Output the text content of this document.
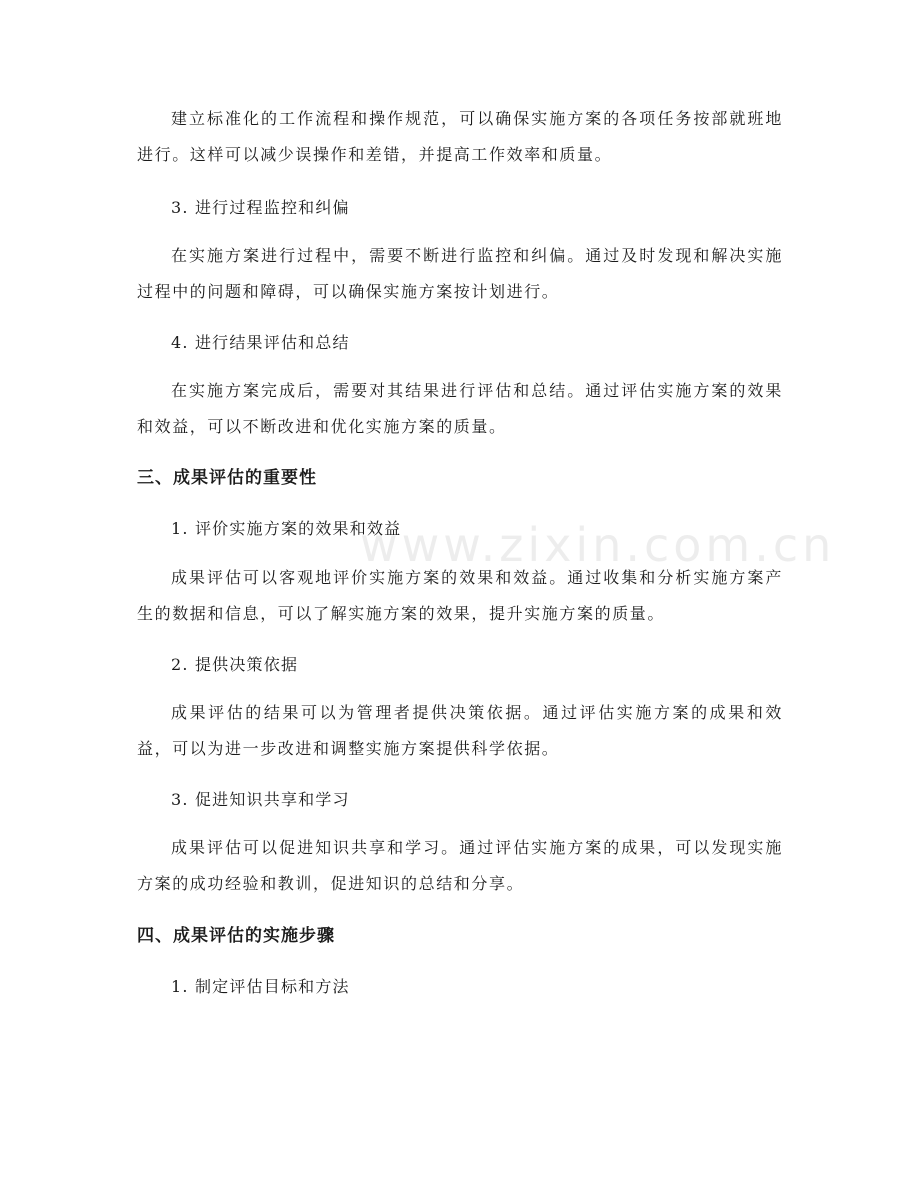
www.zixin.com.cn

建立标准化的工作流程和操作规范，可以确保实施方案的各项任务按部就班地进行。这样可以减少误操作和差错，并提高工作效率和质量。

3. 进行过程监控和纠偏

在实施方案进行过程中，需要不断进行监控和纠偏。通过及时发现和解决实施过程中的问题和障碍，可以确保实施方案按计划进行。

4. 进行结果评估和总结

在实施方案完成后，需要对其结果进行评估和总结。通过评估实施方案的效果和效益，可以不断改进和优化实施方案的质量。

三、成果评估的重要性

1. 评价实施方案的效果和效益

成果评估可以客观地评价实施方案的效果和效益。通过收集和分析实施方案产生的数据和信息，可以了解实施方案的效果，提升实施方案的质量。

2. 提供决策依据

成果评估的结果可以为管理者提供决策依据。通过评估实施方案的成果和效益，可以为进一步改进和调整实施方案提供科学依据。

3. 促进知识共享和学习

成果评估可以促进知识共享和学习。通过评估实施方案的成果，可以发现实施方案的成功经验和教训，促进知识的总结和分享。

四、成果评估的实施步骤

1. 制定评估目标和方法
